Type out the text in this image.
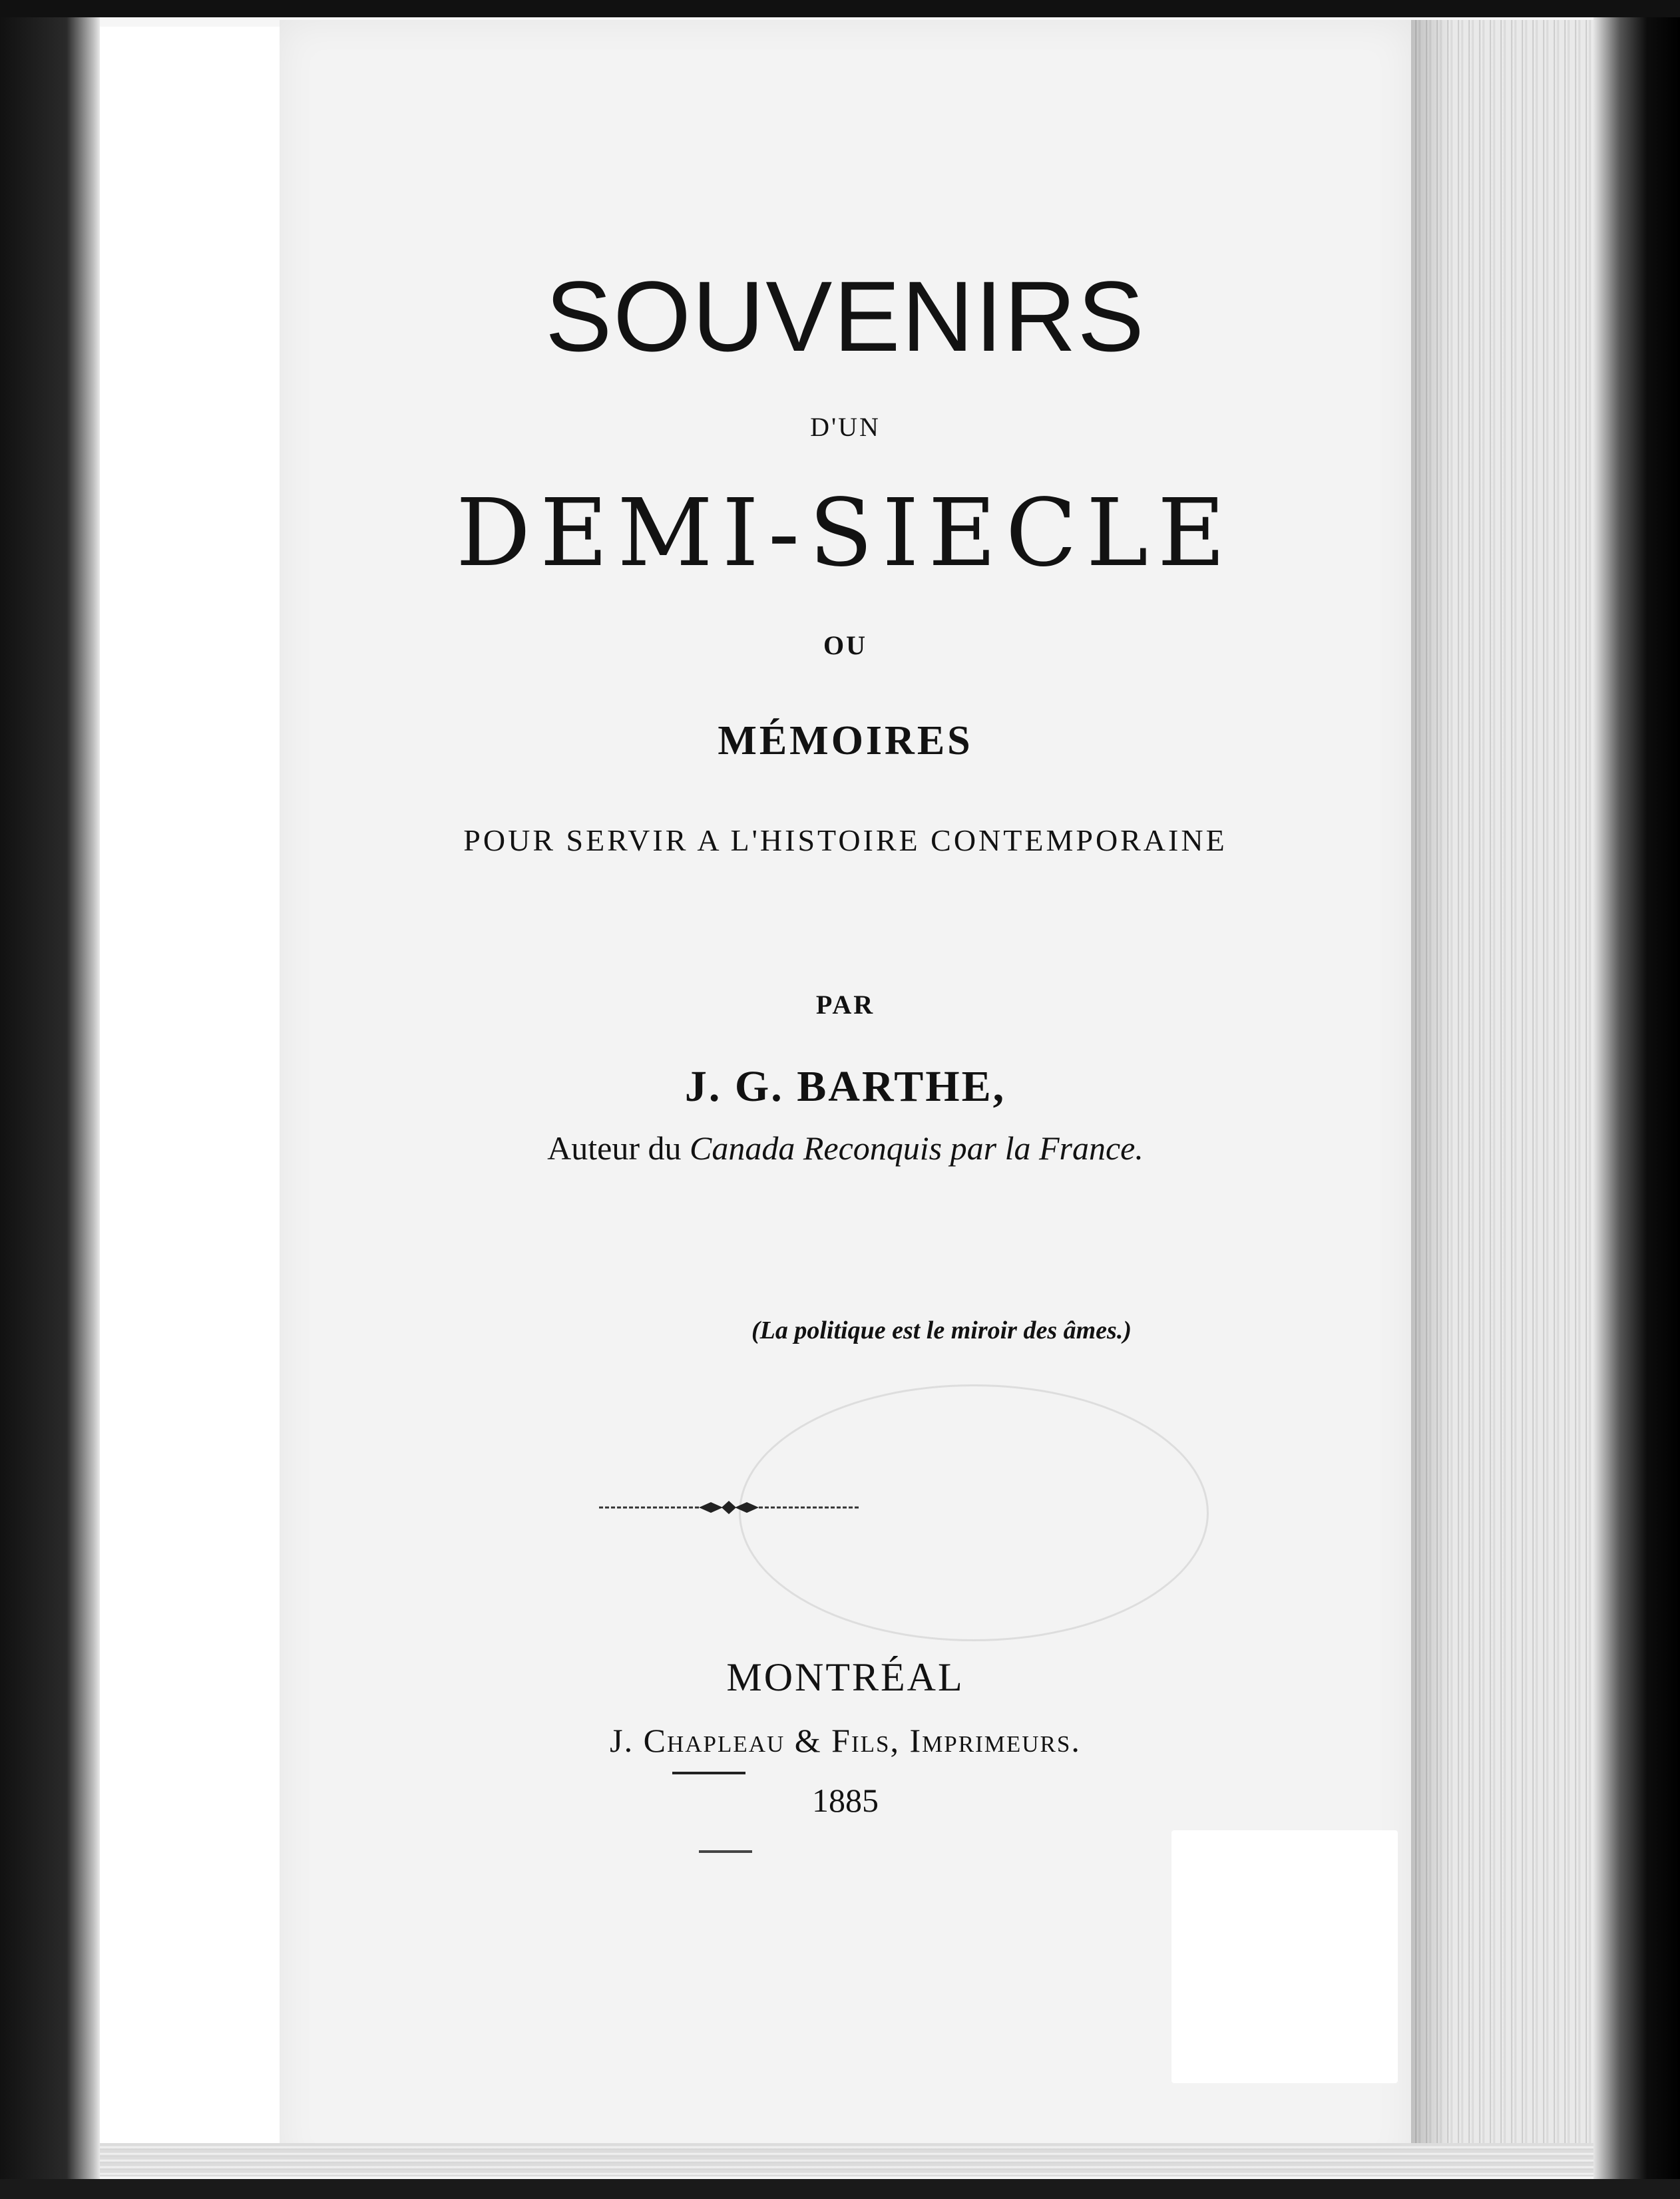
SOUVENIRS
D'UN
DEMI-SIECLE
OU
MÉMOIRES
POUR SERVIR A L'HISTOIRE CONTEMPORAINE
PAR
J. G. BARTHE,
Auteur du Canada Reconquis par la France.
(La politique est le miroir des âmes.)
MONTRÉAL
J. Chapleau & Fils, Imprimeurs.
1885
